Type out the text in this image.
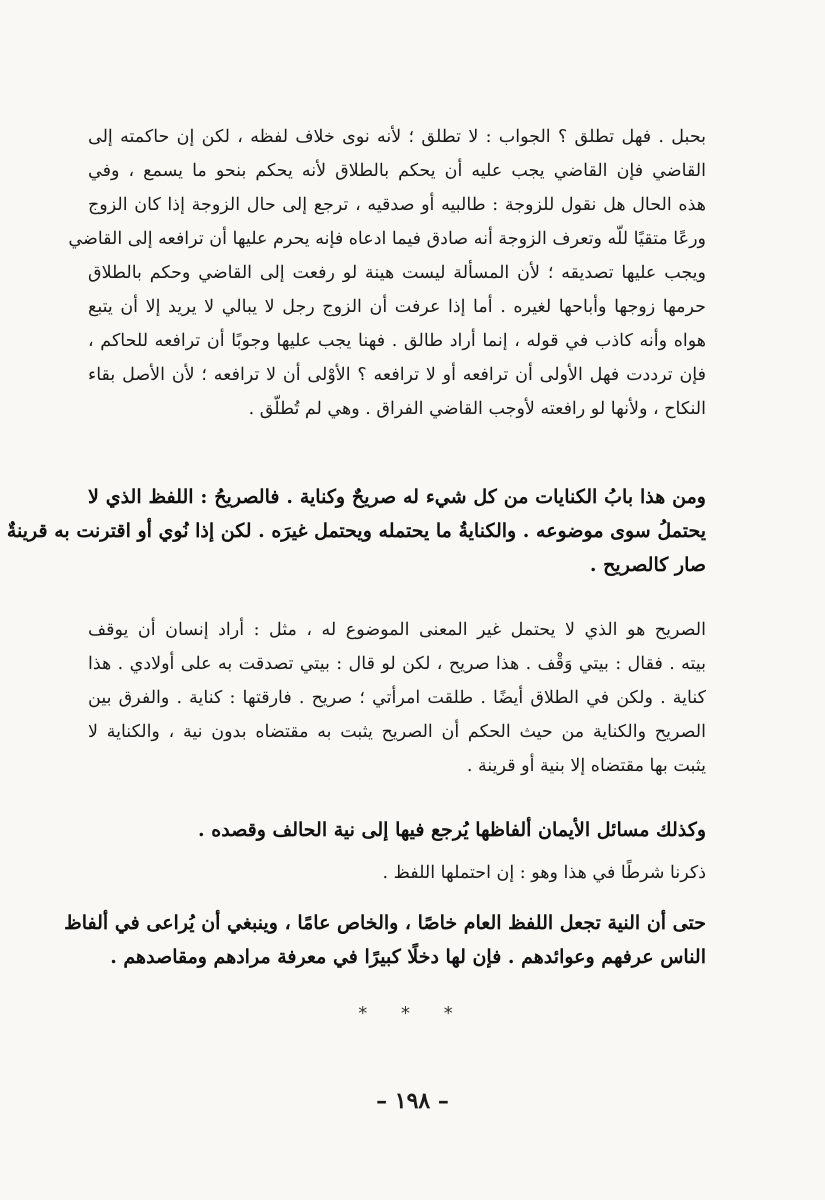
بحبل . فهل تطلق ؟ الجواب : لا تطلق ؛ لأنه نوى خلاف لفظه ، لكن إن حاكمته إلى
القاضي فإن القاضي يجب عليه أن يحكم بالطلاق لأنه يحكم بنحو ما يسمع ، وفي
هذه الحال هل نقول للزوجة : طالبيه أو صدقيه ، ترجع إلى حال الزوجة إذا كان الزوج
ورعًا متقيًا للّه وتعرف الزوجة أنه صادق فيما ادعاه فإنه يحرم عليها أن ترافعه إلى القاضي
ويجب عليها تصديقه ؛ لأن المسألة ليست هينة لو رفعت إلى القاضي وحكم بالطلاق
حرمها زوجها وأباحها لغيره . أما إذا عرفت أن الزوج رجل لا يبالي لا يريد إلا أن يتبع
هواه وأنه كاذب في قوله ، إنما أراد طالق . فهنا يجب عليها وجوبًا أن ترافعه للحاكم ،
فإن ترددت فهل الأولى أن ترافعه أو لا ترافعه ؟ الأوْلى أن لا ترافعه ؛ لأن الأصل بقاء
النكاح ، ولأنها لو رافعته لأوجب القاضي الفراق . وهي لم تُطلّق .
ومن هذا بابُ الكنايات من كل شيء له صريحٌ وكناية . فالصريحُ : اللفظ الذي لا
يحتملُ سوى موضوعه . والكنايةُ ما يحتمله ويحتمل غيرَه . لكن إذا نُوي أو اقترنت به قرينةٌ
صار كالصريح .
الصريح هو الذي لا يحتمل غير المعنى الموضوع له ، مثل : أراد إنسان أن يوقف
بيته . فقال : بيتي وَقْف . هذا صريح ، لكن لو قال : بيتي تصدقت به على أولادي . هذا
كناية . ولكن في الطلاق أيضًا . طلقت امرأتي ؛ صريح . فارقتها : كناية . والفرق بين
الصريح والكناية من حيث الحكم أن الصريح يثبت به مقتضاه بدون نية ، والكناية لا
يثبت بها مقتضاه إلا بنية أو قرينة .
وكذلك مسائل الأيمان ألفاظها يُرجع فيها إلى نية الحالف وقصده .
ذكرنا شرطًا في هذا وهو : إن احتملها اللفظ .
حتى أن النية تجعل اللفظ العام خاصًا ، والخاص عامًا ، وينبغي أن يُراعى في ألفاظ
الناس عرفهم وعوائدهم . فإن لها دخلًا كبيرًا في معرفة مرادهم ومقاصدهم .
* * *
– ١٩٨ –
